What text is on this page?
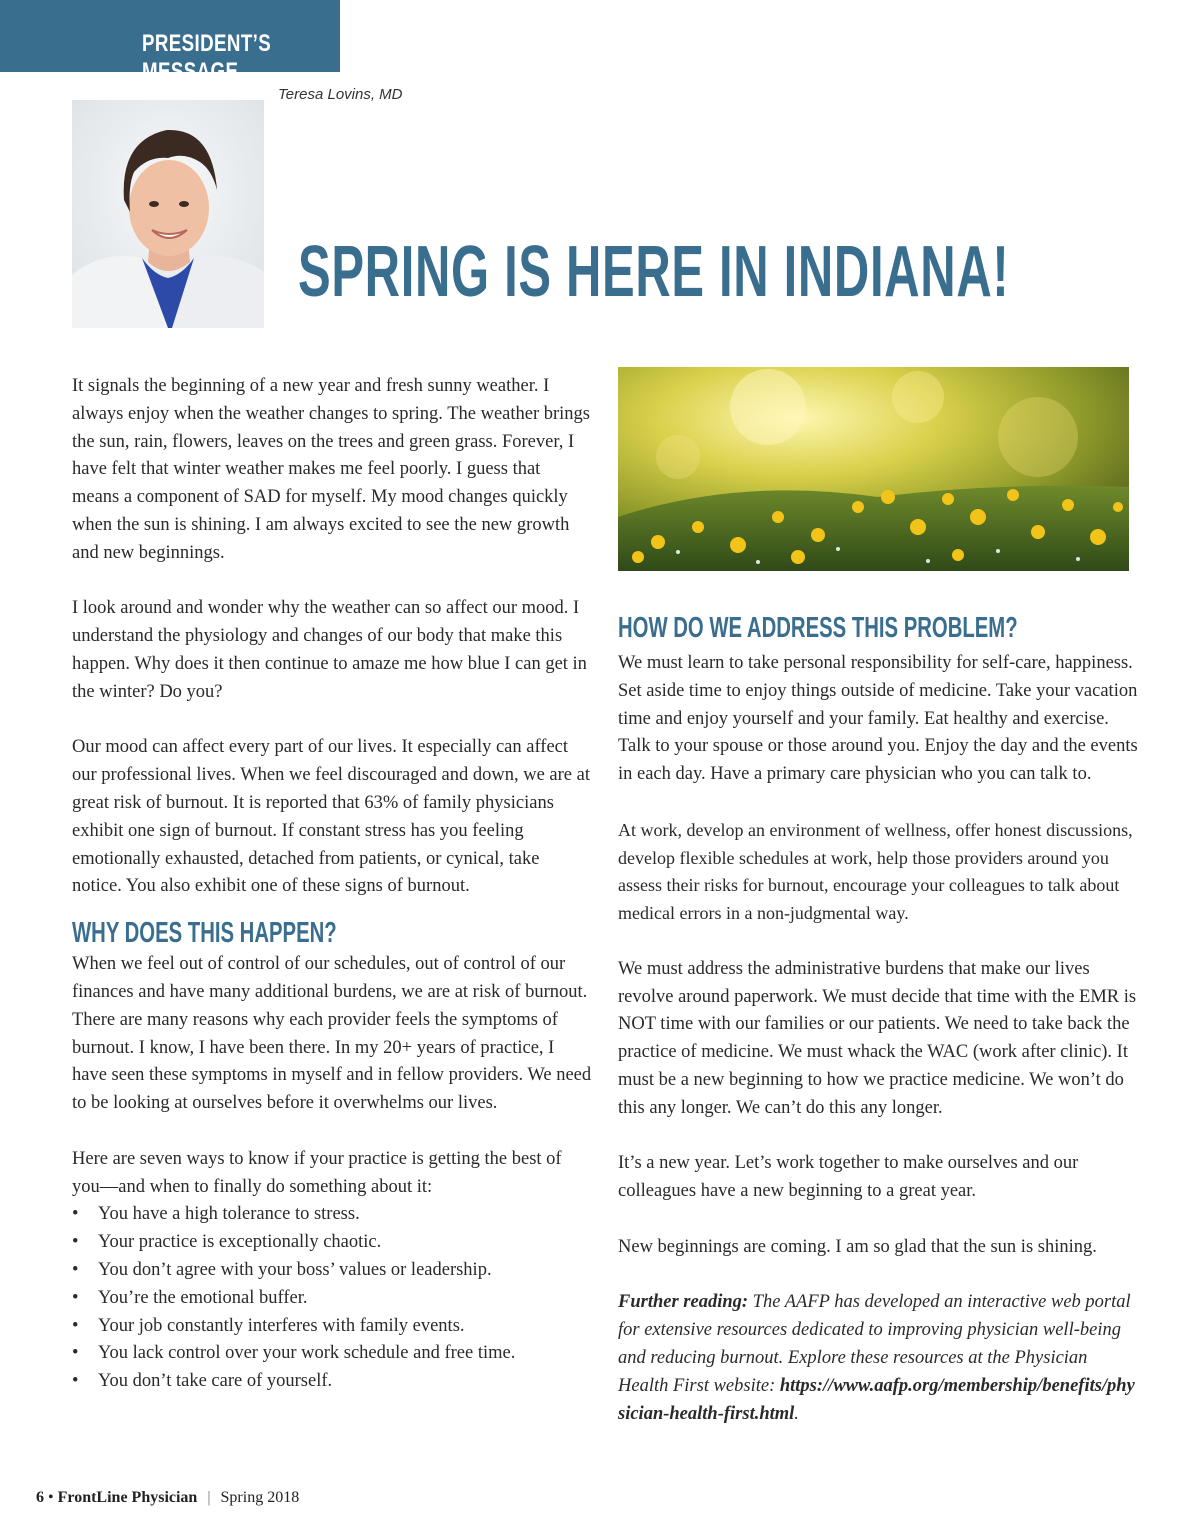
PRESIDENT’S MESSAGE
Teresa Lovins, MD
SPRING IS HERE IN INDIANA!

It signals the beginning of a new year and fresh sunny weather. I always enjoy when the weather changes to spring. The weather brings the sun, rain, flowers, leaves on the trees and green grass. Forever, I have felt that winter weather makes me feel poorly. I guess that means a component of SAD for myself. My mood changes quickly when the sun is shining. I am always excited to see the new growth and new beginnings.

I look around and wonder why the weather can so affect our mood. I understand the physiology and changes of our body that make this happen. Why does it then continue to amaze me how blue I can get in the winter? Do you?

Our mood can affect every part of our lives. It especially can affect our professional lives. When we feel discouraged and down, we are at great risk of burnout. It is reported that 63% of family physicians exhibit one sign of burnout. If constant stress has you feeling emotionally exhausted, detached from patients, or cynical, take notice. You also exhibit one of these signs of burnout.

WHY DOES THIS HAPPEN?

When we feel out of control of our schedules, out of control of our finances and have many additional burdens, we are at risk of burnout. There are many reasons why each provider feels the symptoms of burnout. I know, I have been there. In my 20+ years of practice, I have seen these symptoms in myself and in fellow providers. We need to be looking at ourselves before it overwhelms our lives.

Here are seven ways to know if your practice is getting the best of you—and when to finally do something about it:

• You have a high tolerance to stress.
• Your practice is exceptionally chaotic.
• You don’t agree with your boss’ values or leadership.
• You’re the emotional buffer.
• Your job constantly interferes with family events.
• You lack control over your work schedule and free time.
• You don’t take care of yourself.
HOW DO WE ADDRESS THIS PROBLEM?

We must learn to take personal responsibility for self-care, happiness. Set aside time to enjoy things outside of medicine. Take your vacation time and enjoy yourself and your family. Eat healthy and exercise. Talk to your spouse or those around you. Enjoy the day and the events in each day. Have a primary care physician who you can talk to.

At work, develop an environment of wellness, offer honest discussions, develop flexible schedules at work, help those providers around you assess their risks for burnout, encourage your colleagues to talk about medical errors in a non-judgmental way.

We must address the administrative burdens that make our lives revolve around paperwork. We must decide that time with the EMR is NOT time with our families or our patients. We need to take back the practice of medicine. We must whack the WAC (work after clinic). It must be a new beginning to how we practice medicine. We won’t do this any longer. We can’t do this any longer.

It’s a new year. Let’s work together to make ourselves and our colleagues have a new beginning to a great year.

New beginnings are coming. I am so glad that the sun is shining.

Further reading: The AAFP has developed an interactive web portal for extensive resources dedicated to improving physician well-being and reducing burnout. Explore these resources at the Physician Health First website: https://www.aafp.org/membership/benefits/physician-health-first.html.

6 • FrontLine Physician | Spring 2018
